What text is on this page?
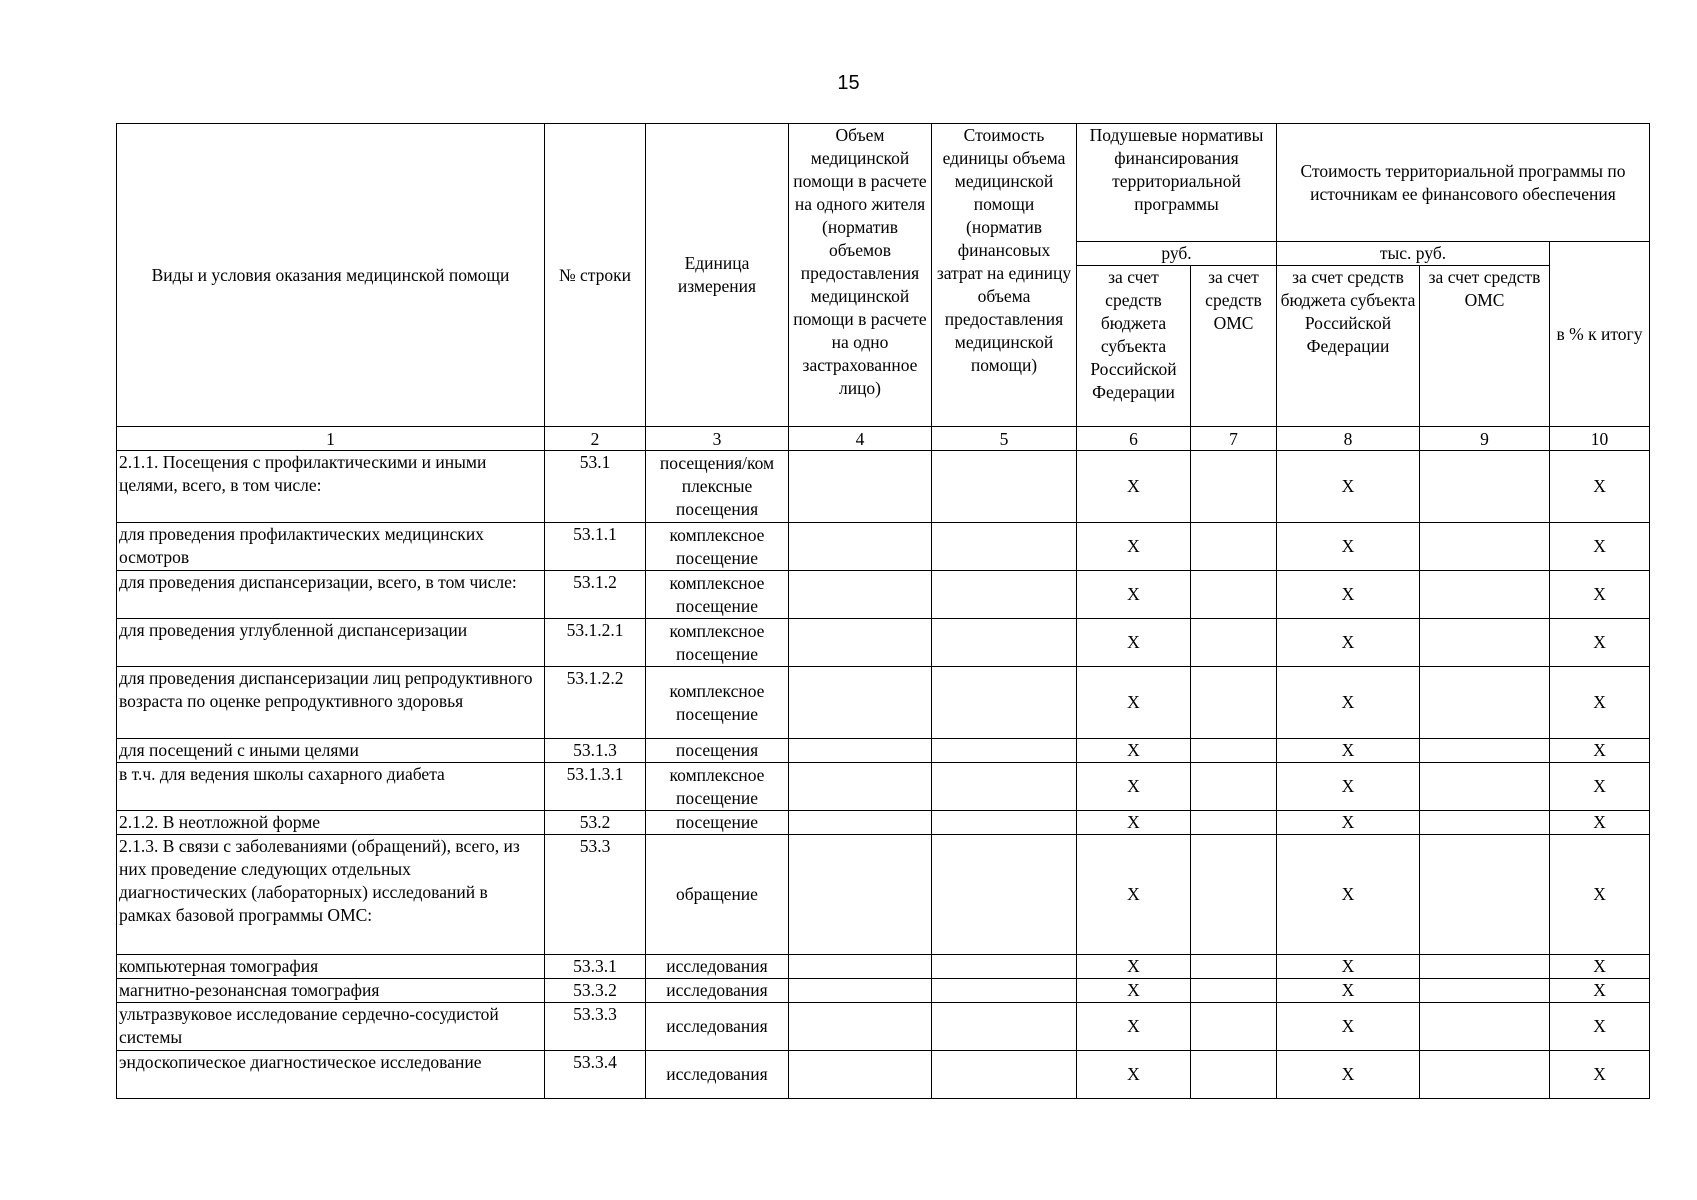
15
Виды и условия оказания медицинской помощи	№ строки	Единица измерения	Объем медицинской помощи в расчете на одного жителя (норматив объемов предоставления медицинской помощи в расчете на одно застрахованное лицо)	Стоимость единицы объема медицинской помощи (норматив финансовых затрат на единицу объема предоставления медицинской помощи)	Подушевые нормативы финансирования территориальной программы		Стоимость территориальной программы по источникам ее финансового обеспечения		
					руб.		тыс. руб.		в % к итогу
					за счет средств бюджета субъекта Российской Федерации	за счет средств ОМС	за счет средств бюджета субъекта Российской Федерации	за счет средств ОМС	
1	2	3	4	5	6	7	8	9	10
2.1.1. Посещения с профилактическими и иными целями, всего, в том числе:	53.1	посещения/ком плексные посещения			X		X		X
для проведения профилактических медицинских осмотров	53.1.1	комплексное посещение			X		X		X
для проведения диспансеризации, всего, в том числе:	53.1.2	комплексное посещение			X		X		X
для проведения углубленной диспансеризации	53.1.2.1	комплексное посещение			X		X		X
для проведения диспансеризации лиц репродуктивного возраста по оценке репродуктивного здоровья	53.1.2.2	комплексное посещение			X		X		X
для посещений с иными целями	53.1.3	посещения			X		X		X
в т.ч. для ведения школы сахарного диабета	53.1.3.1	комплексное посещение			X		X		X
2.1.2. В неотложной форме	53.2	посещение			X		X		X
2.1.3. В связи с заболеваниями (обращений), всего, из них проведение следующих отдельных диагностических (лабораторных) исследований в рамках базовой программы ОМС:	53.3	обращение			X		X		X
компьютерная томография	53.3.1	исследования			X		X		X
магнитно-резонансная томография	53.3.2	исследования			X		X		X
ультразвуковое исследование сердечно-сосудистой системы	53.3.3	исследования			X		X		X
эндоскопическое диагностическое исследование	53.3.4	исследования			X		X		X
